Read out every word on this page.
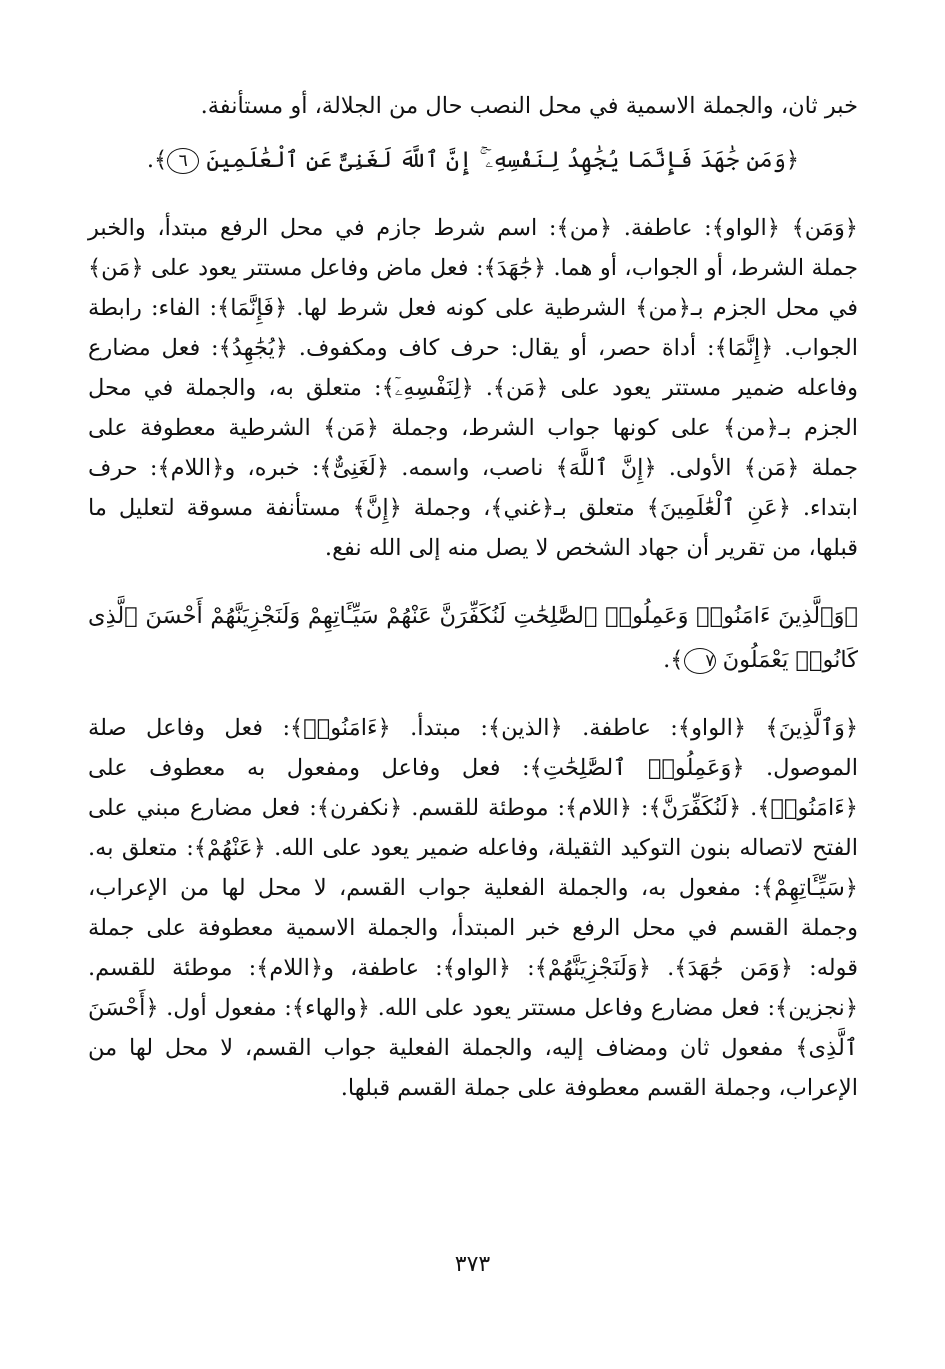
خبر ثان، والجملة الاسمية في محل النصب حال من الجلالة، أو مستأنفة.

﴿وَمَن جَٰهَدَ فَإِنَّمَا يُجَٰهِدُ لِنَفْسِهِۦٓ ۚ إِنَّ ٱللَّهَ لَغَنِىٌّ عَنِ ٱلْعَٰلَمِينَ ٦﴾.

﴿وَمَن﴾ ﴿الواو﴾: عاطفة. ﴿من﴾: اسم شرط جازم في محل الرفع مبتدأ، والخبر جملة الشرط، أو الجواب، أو هما. ﴿جَٰهَدَ﴾: فعل ماض وفاعل مستتر يعود على ﴿مَن﴾ في محل الجزم بـ﴿من﴾ الشرطية على كونه فعل شرط لها. ﴿فَإِنَّمَا﴾: الفاء: رابطة الجواب. ﴿إِنَّمَا﴾: أداة حصر، أو يقال: حرف كاف ومكفوف. ﴿يُجَٰهِدُ﴾: فعل مضارع وفاعله ضمير مستتر يعود على ﴿مَن﴾. ﴿لِنَفْسِهِۦٓ﴾: متعلق به، والجملة في محل الجزم بـ﴿من﴾ على كونها جواب الشرط، وجملة ﴿مَن﴾ الشرطية معطوفة على جملة ﴿مَن﴾ الأولى. ﴿إِنَّ ٱللَّهَ﴾ ناصب، واسمه. ﴿لَغَنِىٌّ﴾: خبره، و﴿اللام﴾: حرف ابتداء. ﴿عَنِ ٱلْعَٰلَمِينَ﴾ متعلق بـ﴿غني﴾، وجملة ﴿إِنَّ﴾ مستأنفة مسوقة لتعليل ما قبلها، من تقرير أن جهاد الشخص لا يصل منه إلى الله نفع.

﴿وَٱلَّذِينَ ءَامَنُوا۟ وَعَمِلُوا۟ ٱلصَّٰلِحَٰتِ لَنُكَفِّرَنَّ عَنْهُمْ سَيِّـَٔاتِهِمْ وَلَنَجْزِيَنَّهُمْ أَحْسَنَ ٱلَّذِى كَانُوا۟ يَعْمَلُونَ ٧﴾.

﴿وَٱلَّذِينَ﴾ ﴿الواو﴾: عاطفة. ﴿الذين﴾: مبتدأ. ﴿ءَامَنُوا۟﴾: فعل وفاعل صلة الموصول. ﴿وَعَمِلُوا۟ ٱلصَّٰلِحَٰتِ﴾: فعل وفاعل ومفعول به معطوف على ﴿ءَامَنُوا۟﴾. ﴿لَنُكَفِّرَنَّ﴾: ﴿اللام﴾: موطئة للقسم. ﴿نكفرن﴾: فعل مضارع مبني على الفتح لاتصاله بنون التوكيد الثقيلة، وفاعله ضمير يعود على الله. ﴿عَنْهُمْ﴾: متعلق به. ﴿سَيِّـَٔاتِهِمْ﴾: مفعول به، والجملة الفعلية جواب القسم، لا محل لها من الإعراب، وجملة القسم في محل الرفع خبر المبتدأ، والجملة الاسمية معطوفة على جملة قوله: ﴿وَمَن جَٰهَدَ﴾. ﴿وَلَنَجْزِيَنَّهُمْ﴾: ﴿الواو﴾: عاطفة، و﴿اللام﴾: موطئة للقسم. ﴿نجزين﴾: فعل مضارع وفاعل مستتر يعود على الله. ﴿والهاء﴾: مفعول أول. ﴿أَحْسَنَ ٱلَّذِى﴾ مفعول ثان ومضاف إليه، والجملة الفعلية جواب القسم، لا محل لها من الإعراب، وجملة القسم معطوفة على جملة القسم قبلها.

٣٧٣
